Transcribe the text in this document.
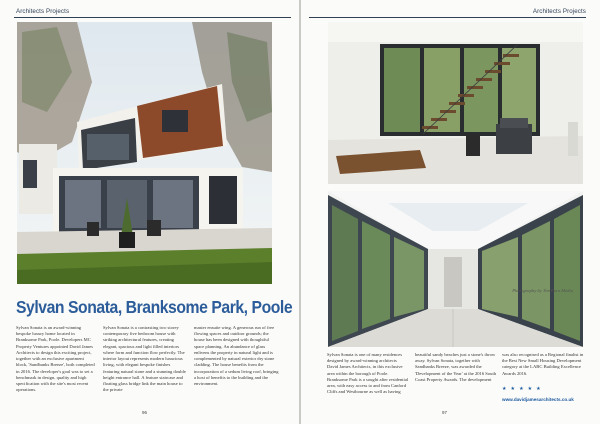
Architects Projects	Architects Projects
Photography by Tim Burn Media
Sylvan Sonata, Branksome Park, Poole

Sylvan Sonata is an award-winning bespoke luxury home located in Branksome Park, Poole. Developers MC Property Ventures appointed David James Architects to design this exciting project, together with an exclusive apartment block, 'Sandbanks Breeze', both completed in 2016. The developer's goal was to set a benchmark in design, quality and high specification with the site's most recent operations.

Sylvan Sonata is a contrasting two storey contemporary five bedroom house with striking architectural features, creating elegant, spacious and light filled interiors where form and function flow perfectly. The interior layout represents modern luxurious living, with elegant bespoke finishes featuring natural stone and a stunning double height entrance hall. A feature staircase and floating glass bridge link the main house to the private

master ensuite wing. A generous run of free flowing spaces and outdoor grounds; the house has been designed with thoughtful space planning. An abundance of glass enlivens the property in natural light and is complemented by natural exterior dry stone cladding. The house benefits from the incorporation of a sedum living roof, bringing a host of benefits to the building and the environment.

Sylvan Sonata is one of many residences designed by award-winning architects David James Architects, in this exclusive area within the borough of Poole. Branksome Park is a sought after residential area, with easy access to and from Canford Cliffs and Westbourne as well as having

beautiful sandy beaches just a stone's throw away. Sylvan Sonata, together with Sandbanks Breeze, was awarded the 'Development of the Year' at the 2016 South Coast Property Awards. The development

was also recognised as a Regional finalist in the Best New Small Housing Development category at the LABC Building Excellence Awards 2016.

★ ★ ★ ★ ★
www.davidjamesarchitects.co.uk
96	97
